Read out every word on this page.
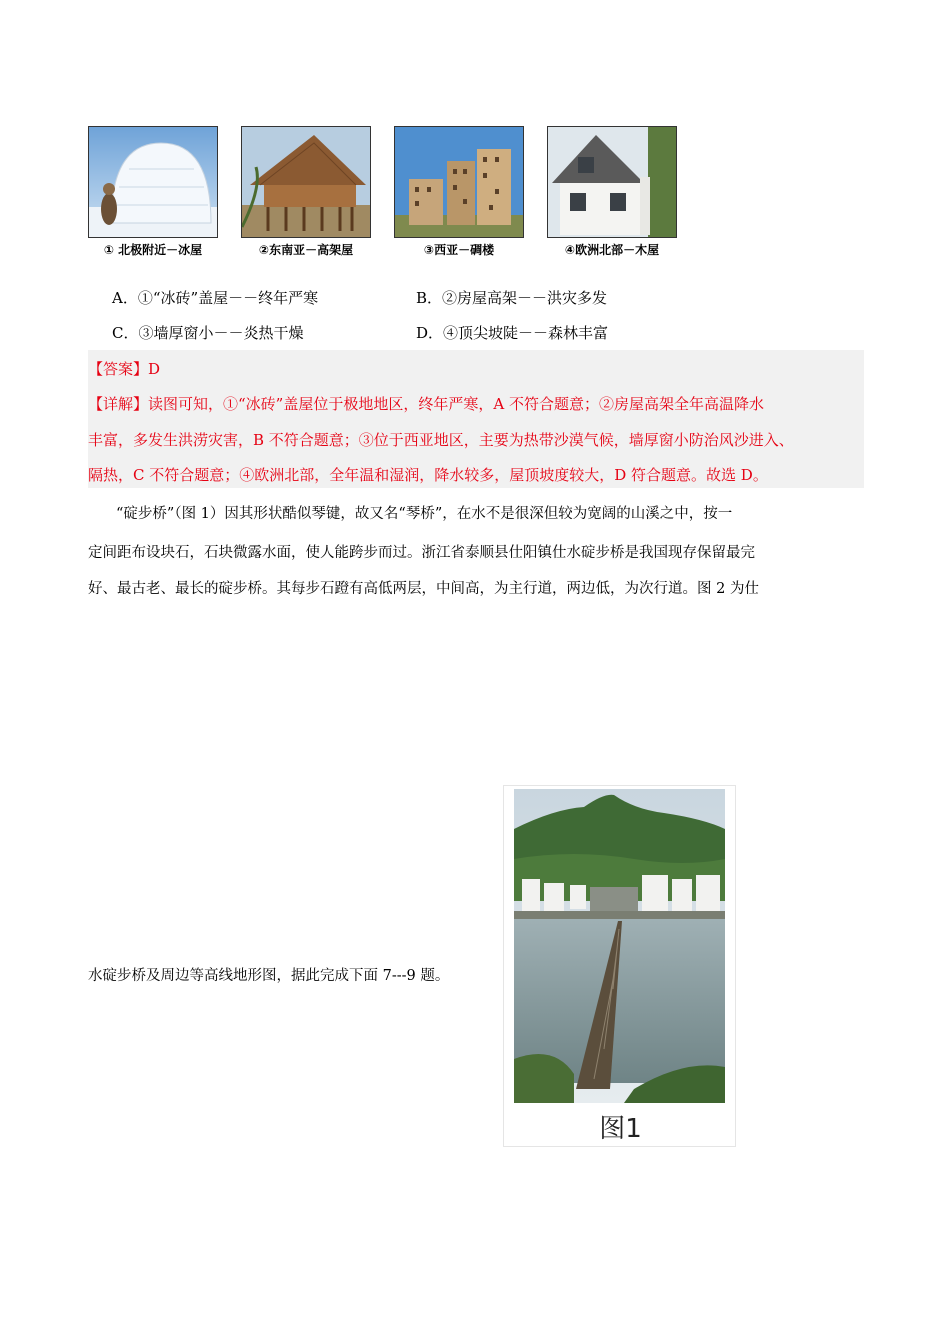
① 北极附近－冰屋	②东南亚－高架屋	③西亚－碉楼	④欧洲北部－木屋
A．①“冰砖”盖屋－－终年严寒	B．②房屋高架－－洪灾多发
C．③墙厚窗小－－炎热干燥	D．④顶尖坡陡－－森林丰富
【答案】D
【详解】读图可知，①“冰砖”盖屋位于极地地区，终年严寒，A 不符合题意；②房屋高架全年高温降水
丰富，多发生洪涝灾害，B 不符合题意；③位于西亚地区，主要为热带沙漠气候，墙厚窗小防治风沙进入、
隔热，C 不符合题意；④欧洲北部，全年温和湿润，降水较多，屋顶坡度较大，D 符合题意。故选 D。
“碇步桥”（图 1）因其形状酷似琴键，故又名“琴桥”，在水不是很深但较为宽阔的山溪之中，按一
定间距布设块石，石块微露水面，使人能跨步而过。浙江省泰顺县仕阳镇仕水碇步桥是我国现存保留最完
好、最古老、最长的碇步桥。其每步石蹬有高低两层，中间高，为主行道，两边低，为次行道。图 2 为仕
水碇步桥及周边等高线地形图，据此完成下面 7---9 题。
图1
